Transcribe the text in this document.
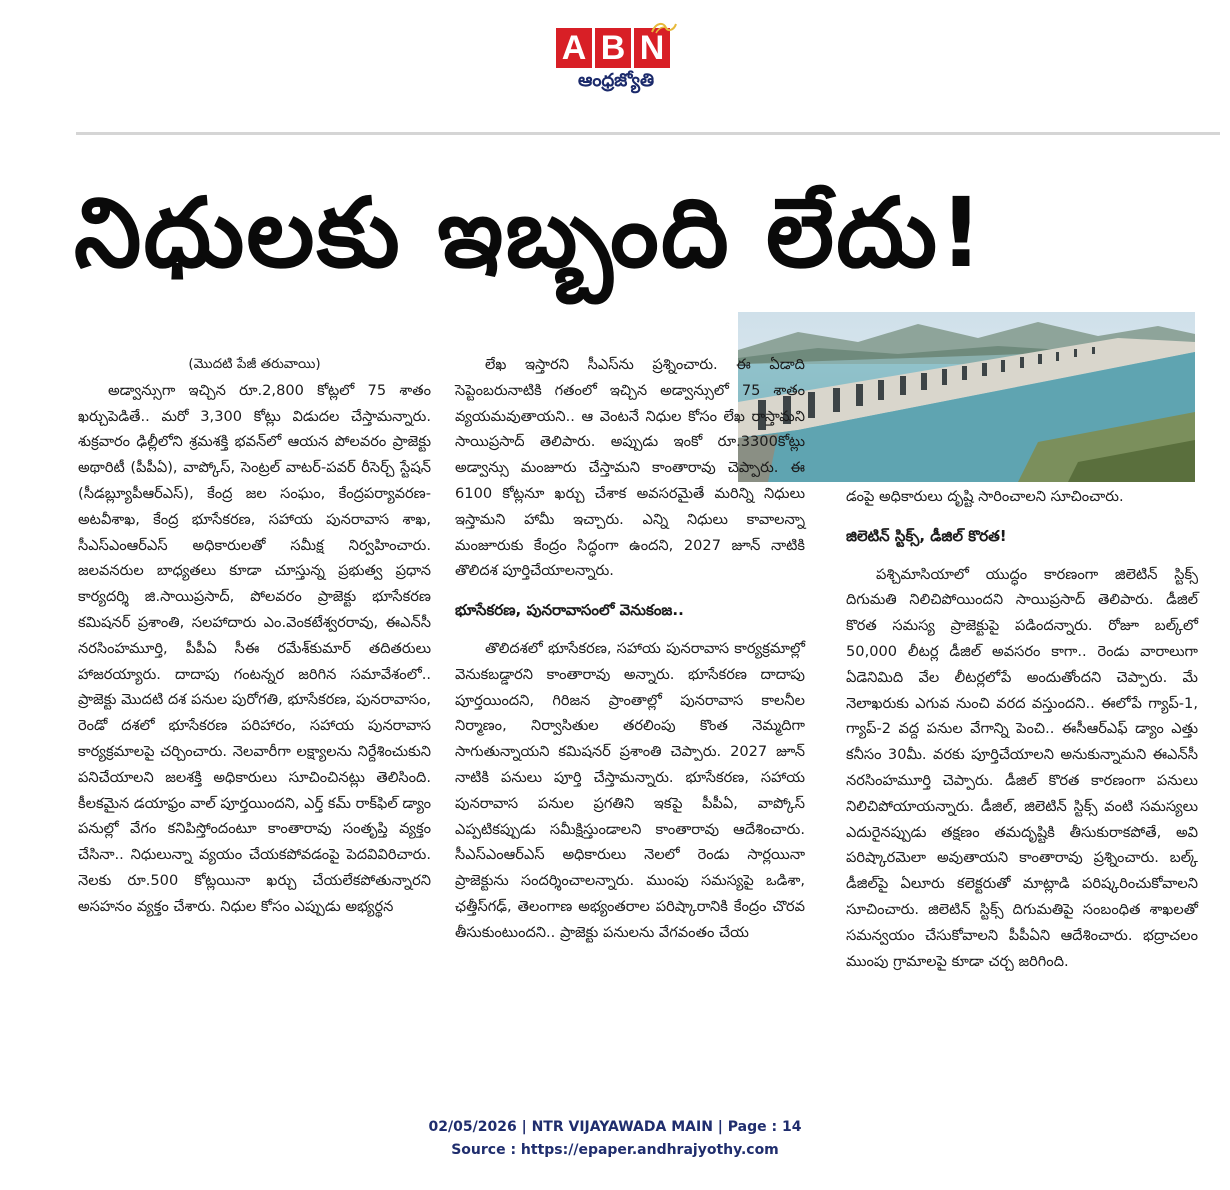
A B N
ఆంధ్రజ్యోతి
నిధులకు ఇబ్బంది లేదు!

(మొదటి పేజీ తరువాయి)

అడ్వాన్సుగా ఇచ్చిన రూ.2,800 కోట్లలో 75 శాతం ఖర్చుపెడితే.. మరో 3,300 కోట్లు విడుదల చేస్తామన్నారు. శుక్రవారం ఢిల్లీలోని శ్రమశక్తి భవన్‌లో ఆయన పోలవరం ప్రాజెక్టు అథారిటీ (పీపీఏ), వాప్కోస్, సెంట్రల్ వాటర్-పవర్ రీసెర్చ్ స్టేషన్ (సీడబ్ల్యూపీఆర్‌ఎస్), కేంద్ర జల సంఘం, కేంద్రపర్యావరణ-అటవీశాఖ, కేంద్ర భూసేకరణ, సహాయ పునరావాస శాఖ, సీఎస్‌ఎంఆర్‌ఎస్ అధికారులతో సమీక్ష నిర్వహించారు. జలవనరుల బాధ్యతలు కూడా చూస్తున్న ప్రభుత్వ ప్రధాన కార్యదర్శి జి.సాయిప్రసాద్, పోలవరం ప్రాజెక్టు భూసేకరణ కమిషనర్ ప్రశాంతి, సలహాదారు ఎం.వెంకటేశ్వరరావు, ఈఎన్‌సీ నరసింహమూర్తి, పీపీఏ సీఈ రమేశ్‌కుమార్ తదితరులు హాజరయ్యారు. దాదాపు గంటన్నర జరిగిన సమావేశంలో.. ప్రాజెక్టు మొదటి దశ పనుల పురోగతి, భూసేకరణ, పునరావాసం, రెండో దశలో భూసేకరణ పరిహారం, సహాయ పునరావాస కార్యక్రమాలపై చర్చించారు. నెలవారీగా లక్ష్యాలను నిర్దేశించుకుని పనిచేయాలని జలశక్తి అధికారులు సూచించినట్లు తెలిసింది. కీలకమైన డయాఫ్రం వాల్ పూర్తయిందని, ఎర్త్ కమ్ రాక్‌ఫిల్ డ్యాం పనుల్లో వేగం కనిపిస్తోందంటూ కాంతారావు సంతృప్తి వ్యక్తం చేసినా.. నిధులున్నా వ్యయం చేయకపోవడంపై పెదవివిరిచారు. నెలకు రూ.500 కోట్లయినా ఖర్చు చేయలేకపోతున్నారని అసహనం వ్యక్తం చేశారు. నిధుల కోసం ఎప్పుడు అభ్యర్థన

లేఖ ఇస్తారని సీఎస్‌ను ప్రశ్నించారు. ఈ ఏడాది సెప్టెంబరునాటికి గతంలో ఇచ్చిన అడ్వాన్సులో 75 శాతం వ్యయమవుతాయని.. ఆ వెంటనే నిధుల కోసం లేఖ రాస్తామని సాయిప్రసాద్ తెలిపారు. అప్పుడు ఇంకో రూ.3300కోట్లు అడ్వాన్సు మంజూరు చేస్తామని కాంతారావు చెప్పారు. ఈ 6100 కోట్లనూ ఖర్చు చేశాక అవసరమైతే మరిన్ని నిధులు ఇస్తామని హామీ ఇచ్చారు. ఎన్ని నిధులు కావాలన్నా మంజూరుకు కేంద్రం సిద్ధంగా ఉందని, 2027 జూన్ నాటికి తొలిదశ పూర్తిచేయాలన్నారు.

భూసేకరణ, పునరావాసంలో వెనుకంజ..

తొలిదశలో భూసేకరణ, సహాయ పునరావాస కార్యక్రమాల్లో వెనుకబడ్డారని కాంతారావు అన్నారు. భూసేకరణ దాదాపు పూర్తయిందని, గిరిజన ప్రాంతాల్లో పునరావాస కాలనీల నిర్మాణం, నిర్వాసితుల తరలింపు కొంత నెమ్మదిగా సాగుతున్నాయని కమిషనర్ ప్రశాంతి చెప్పారు. 2027 జూన్ నాటికి పనులు పూర్తి చేస్తామన్నారు. భూసేకరణ, సహాయ పునరావాస పనుల ప్రగతిని ఇకపై పీపీఏ, వాప్కోస్ ఎప్పటికప్పుడు సమీక్షిస్తుండాలని కాంతారావు ఆదేశించారు. సీఎస్‌ఎంఆర్‌ఎస్ అధికారులు నెలలో రెండు సార్లయినా ప్రాజెక్టును సందర్శించాలన్నారు. ముంపు సమస్యపై ఒడిశా, ఛత్తీస్‌గఢ్, తెలంగాణ అభ్యంతరాల పరిష్కారానికి కేంద్రం చొరవ తీసుకుంటుందని.. ప్రాజెక్టు పనులను వేగవంతం చేయ

డంపై అధికారులు దృష్టి సారించాలని సూచించారు.

జిలెటిన్ స్టిక్స్, డీజిల్ కొరత!

పశ్చిమాసియాలో యుద్ధం కారణంగా జిలెటిన్ స్టిక్స్ దిగుమతి నిలిచిపోయిందని సాయిప్రసాద్ తెలిపారు. డీజిల్ కొరత సమస్య ప్రాజెక్టుపై పడిందన్నారు. రోజూ బల్క్‌లో 50,000 లీటర్ల డీజిల్ అవసరం కాగా.. రెండు వారాలుగా ఏడెనిమిది వేల లీటర్లలోపే అందుతోందని చెప్పారు. మే నెలాఖరుకు ఎగువ నుంచి వరద వస్తుందని.. ఈలోపే గ్యాప్-1, గ్యాప్-2 వద్ద పనుల వేగాన్ని పెంచి.. ఈసీఆర్‌ఎఫ్ డ్యాం ఎత్తు కనీసం 30మీ. వరకు పూర్తిచేయాలని అనుకున్నామని ఈఎన్‌సీ నరసింహమూర్తి చెప్పారు. డీజిల్ కొరత కారణంగా పనులు నిలిచిపోయాయన్నారు. డీజిల్, జిలెటిన్ స్టిక్స్ వంటి సమస్యలు ఎదురైనప్పుడు తక్షణం తమదృష్టికి తీసుకురాకపోతే, అవి పరిష్కారమెలా అవుతాయని కాంతారావు ప్రశ్నించారు. బల్క్ డీజిల్‌పై ఏలూరు కలెక్టరుతో మాట్లాడి పరిష్కరించుకోవాలని సూచించారు. జిలెటిన్ స్టిక్స్ దిగుమతిపై సంబంధిత శాఖలతో సమన్వయం చేసుకోవాలని పీపీఏని ఆదేశించారు. భద్రాచలం ముంపు గ్రామాలపై కూడా చర్చ జరిగింది.

02/05/2026 | NTR VIJAYAWADA MAIN | Page : 14
Source : https://epaper.andhrajyothy.com
